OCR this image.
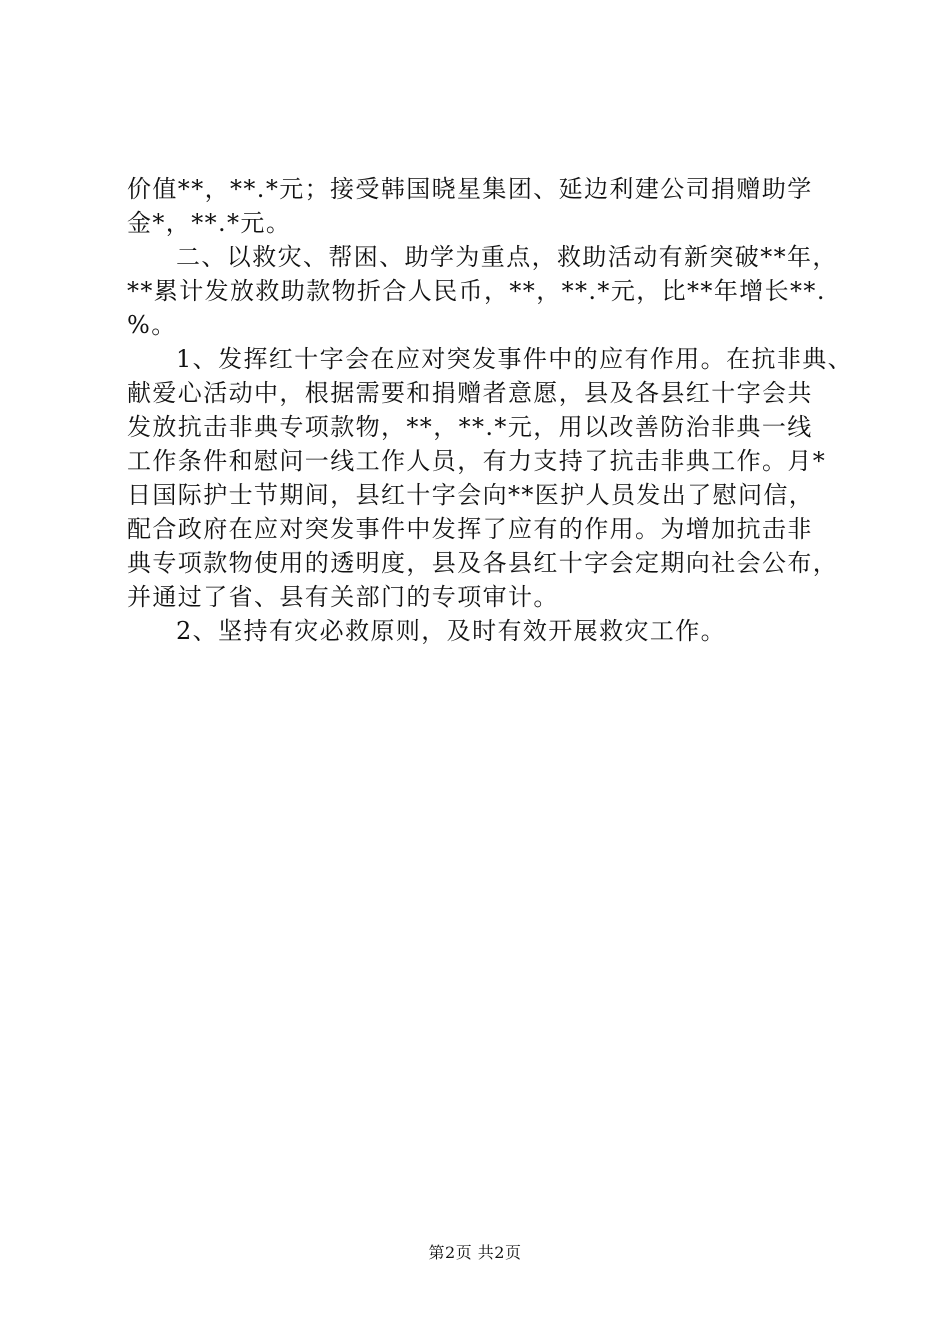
价值**，**.*元；接受韩国晓星集团、延边利建公司捐赠助学
金*，**.*元。
二、以救灾、帮困、助学为重点，救助活动有新突破**年，
**累计发放救助款物折合人民币，**，**.*元，比**年增长**.
%。
1、发挥红十字会在应对突发事件中的应有作用。在抗非典、
献爱心活动中，根据需要和捐赠者意愿，县及各县红十字会共
发放抗击非典专项款物，**，**.*元，用以改善防治非典一线
工作条件和慰问一线工作人员，有力支持了抗击非典工作。月*
日国际护士节期间，县红十字会向**医护人员发出了慰问信，
配合政府在应对突发事件中发挥了应有的作用。为增加抗击非
典专项款物使用的透明度，县及各县红十字会定期向社会公布，
并通过了省、县有关部门的专项审计。
2、坚持有灾必救原则，及时有效开展救灾工作。
第2页 共2页
